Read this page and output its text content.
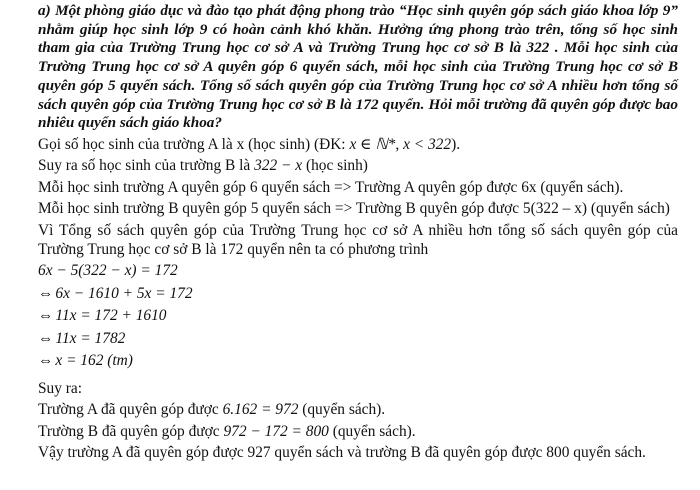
a) Một phòng giáo dục và đào tạo phát động phong trào “Học sinh quyên góp sách giáo khoa lớp 9” nhằm giúp học sinh lớp 9 có hoàn cảnh khó khăn. Hưởng ứng phong trào trên, tổng số học sinh tham gia của Trường Trung học cơ sở A và Trường Trung học cơ sở B là 322 . Mỗi học sinh của Trường Trung học cơ sở A quyên góp 6 quyển sách, mỗi học sinh của Trường Trung học cơ sở B quyên góp 5 quyển sách. Tổng số sách quyên góp của Trường Trung học cơ sở A nhiều hơn tổng số sách quyên góp của Trường Trung học cơ sở B là 172 quyển. Hỏi mỗi trường đã quyên góp được bao nhiêu quyển sách giáo khoa?

Gọi số học sinh của trường A là x (học sinh) (ĐK: x ∈ ℕ*, x < 322).

Suy ra số học sinh của trường B là 322 − x (học sinh)

Mỗi học sinh trường A quyên góp 6 quyển sách => Trường A quyên góp được 6x (quyển sách).

Mỗi học sinh trường B quyên góp 5 quyển sách => Trường B quyên góp được 5(322 – x) (quyển sách)

Vì Tổng số sách quyên góp của Trường Trung học cơ sở A nhiều hơn tổng số sách quyên góp của Trường Trung học cơ sở B là 172 quyển nên ta có phương trình

6x − 5(322 − x) = 172

⇔ 6x − 1610 + 5x = 172

⇔ 11x = 172 + 1610

⇔ 11x = 1782

⇔ x = 162 (tm)

Suy ra:

Trường A đã quyên góp được 6.162 = 972 (quyển sách).

Trường B đã quyên góp được 972 − 172 = 800 (quyển sách).

Vậy trường A đã quyên góp được 927 quyển sách và trường B đã quyên góp được 800 quyển sách.
